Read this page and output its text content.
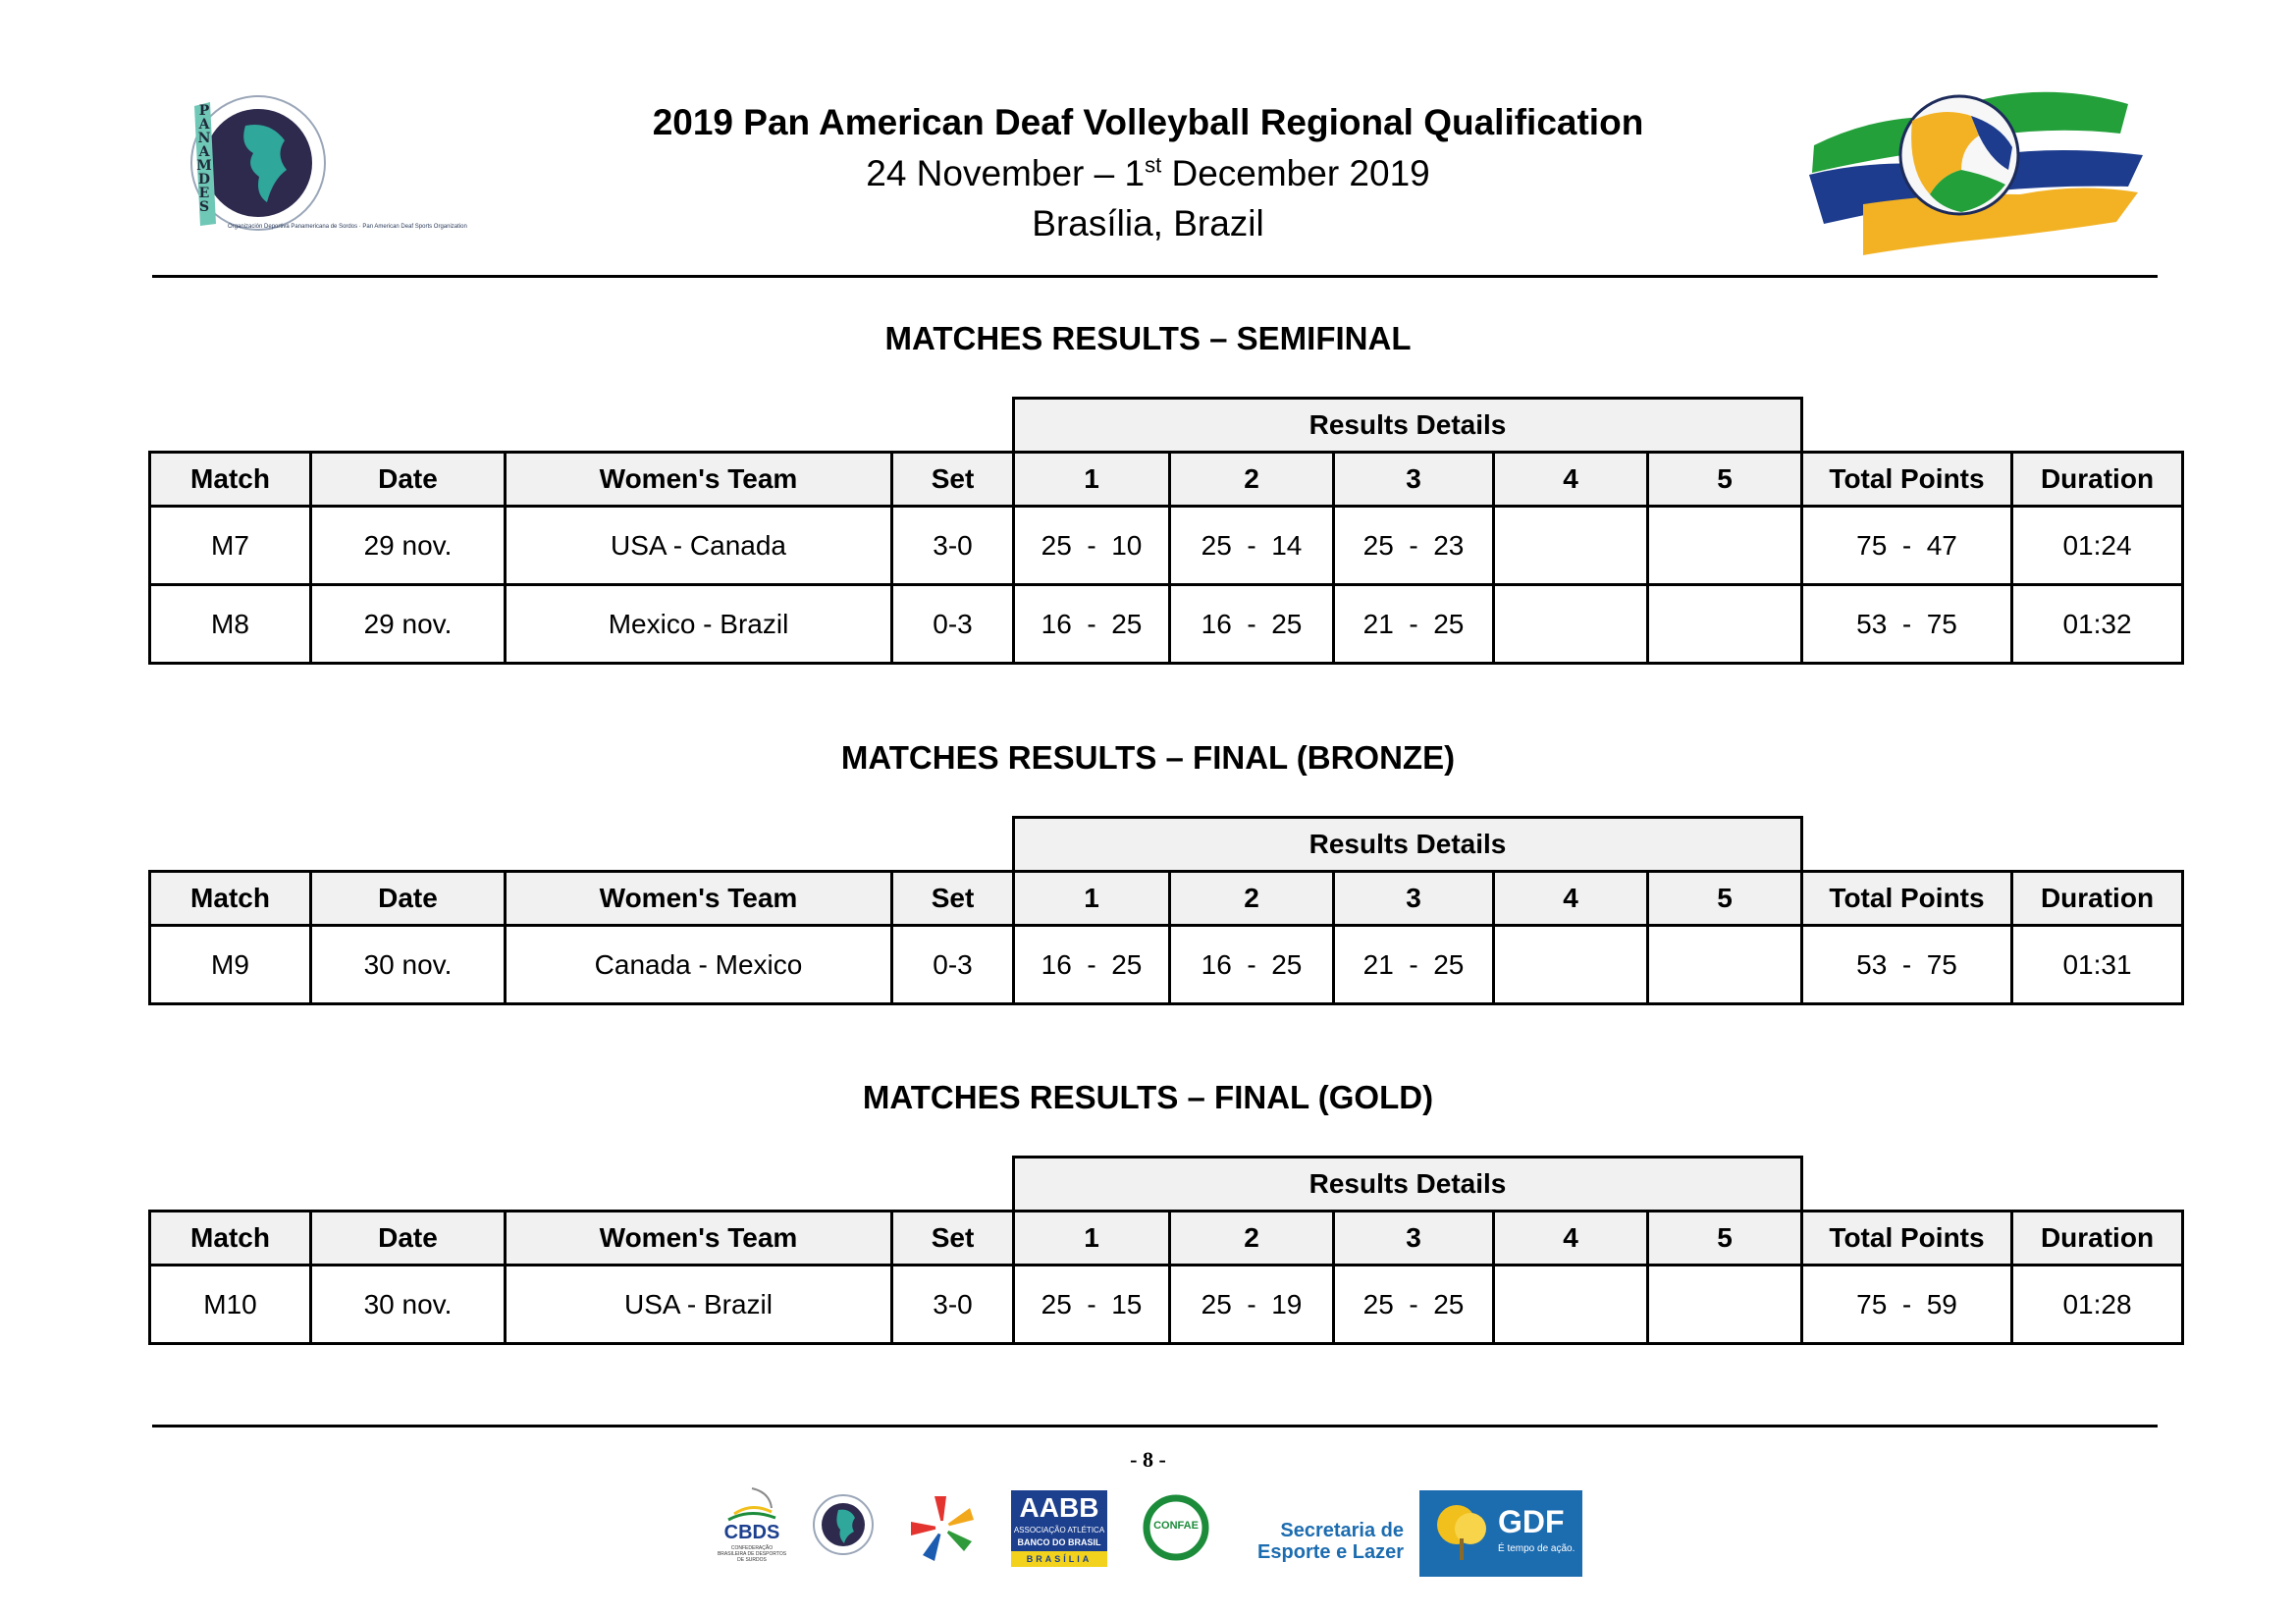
PANAMDES
Organización Deportiva Panamericana de Sordos · Pan American Deaf Sports Organization
2019 Pan American Deaf Volleyball Regional Qualification
24 November – 1st December 2019
Brasília, Brazil
MATCHES RESULTS – SEMIFINAL
				Results Details						
Match	Date	Women's Team	Set	1	2	3	4	5	Total Points	Duration
M7	29 nov.	USA - Canada	3-0	25  -  10	25  -  14	25  -  23			75  -  47	01:24
M8	29 nov.	Mexico - Brazil	0-3	16  -  25	16  -  25	21  -  25			53  -  75	01:32
MATCHES RESULTS – FINAL (BRONZE)
				Results Details						
Match	Date	Women's Team	Set	1	2	3	4	5	Total Points	Duration
M9	30 nov.	Canada - Mexico	0-3	16  -  25	16  -  25	21  -  25			53  -  75	01:31
MATCHES RESULTS – FINAL (GOLD)
				Results Details						
Match	Date	Women's Team	Set	1	2	3	4	5	Total Points	Duration
M10	30 nov.	USA - Brazil	3-0	25  -  15	25  -  19	25  -  25			75  -  59	01:28
- 8 -
CBDS
CONFEDERAÇÃO BRASILEIRA DE DESPORTOS DE SURDOS
AABB
ASSOCIAÇÃO ATLÉTICA
BANCO DO BRASIL
BRASÍLIA
CONFAE	Secretaria de
Esporte e Lazer
GDF
É tempo de ação.
